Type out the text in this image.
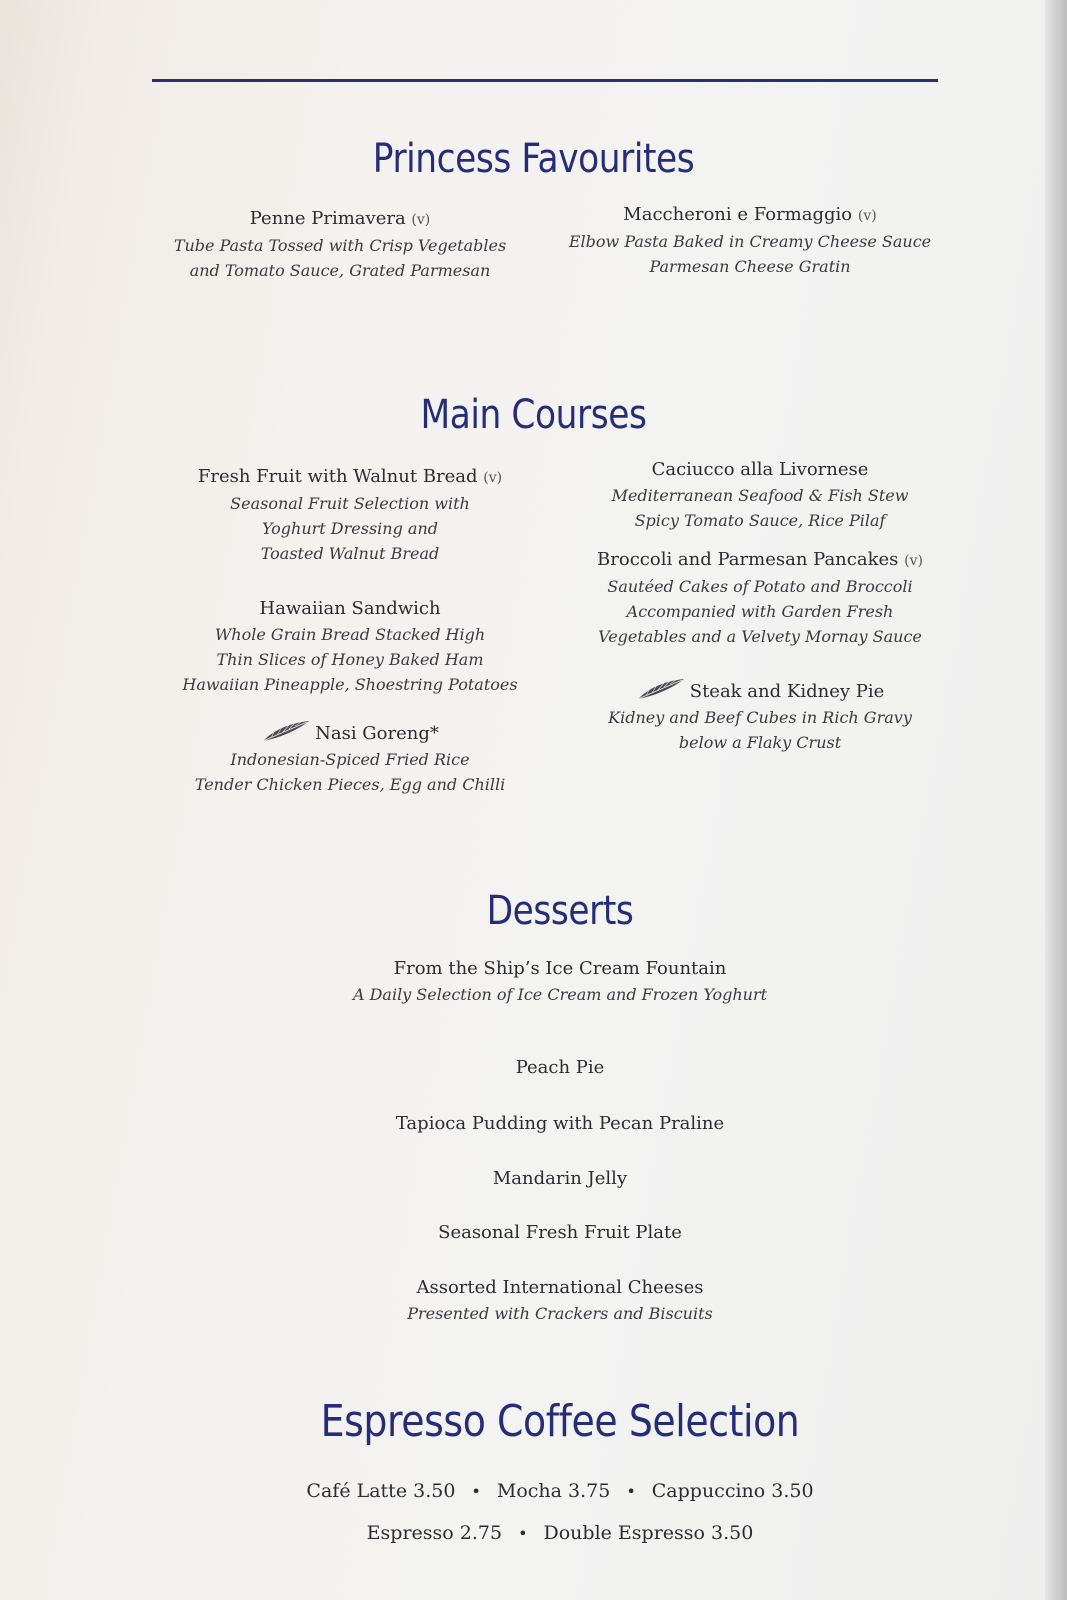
Princess Favourites
Penne Primavera (v)
Tube Pasta Tossed with Crisp Vegetables
and Tomato Sauce, Grated Parmesan
Maccheroni e Formaggio (v)
Elbow Pasta Baked in Creamy Cheese Sauce
Parmesan Cheese Gratin
Main Courses
Fresh Fruit with Walnut Bread (v)
Seasonal Fruit Selection with
Yoghurt Dressing and
Toasted Walnut Bread
Hawaiian Sandwich
Whole Grain Bread Stacked High
Thin Slices of Honey Baked Ham
Hawaiian Pineapple, Shoestring Potatoes
Nasi Goreng*
Indonesian-Spiced Fried Rice
Tender Chicken Pieces, Egg and Chilli
Caciucco alla Livornese
Mediterranean Seafood & Fish Stew
Spicy Tomato Sauce, Rice Pilaf
Broccoli and Parmesan Pancakes (v)
Sautéed Cakes of Potato and Broccoli
Accompanied with Garden Fresh
Vegetables and a Velvety Mornay Sauce
Steak and Kidney Pie
Kidney and Beef Cubes in Rich Gravy
below a Flaky Crust
Desserts
From the Ship’s Ice Cream Fountain
A Daily Selection of Ice Cream and Frozen Yoghurt
Peach Pie
Tapioca Pudding with Pecan Praline
Mandarin Jelly
Seasonal Fresh Fruit Plate
Assorted International Cheeses
Presented with Crackers and Biscuits
Espresso Coffee Selection
Café Latte 3.50 • Mocha 3.75 • Cappuccino 3.50
Espresso 2.75 • Double Espresso 3.50
